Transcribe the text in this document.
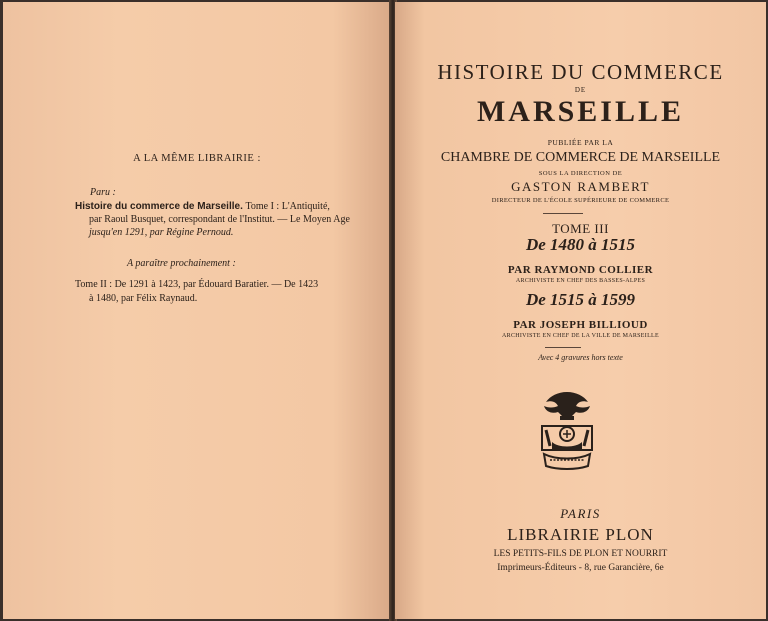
A LA MÊME LIBRAIRIE :
Paru :
Histoire du commerce de Marseille. Tome I : L'Antiquité,
par Raoul Busquet, correspondant de l'Institut. — Le Moyen Age
jusqu'en 1291, par Régine Pernoud.
A paraître prochainement :
Tome II : De 1291 à 1423, par Édouard Baratier. — De 1423
à 1480, par Félix Raynaud.
HISTOIRE DU COMMERCE
DE
MARSEILLE
PUBLIÉE PAR LA
CHAMBRE DE COMMERCE DE MARSEILLE
SOUS LA DIRECTION DE
GASTON RAMBERT
DIRECTEUR DE L'ÉCOLE SUPÉRIEURE DE COMMERCE
TOME III
De 1480 à 1515
PAR RAYMOND COLLIER
ARCHIVISTE EN CHEF DES BASSES-ALPES
De 1515 à 1599
PAR JOSEPH BILLIOUD
ARCHIVISTE EN CHEF DE LA VILLE DE MARSEILLE
Avec 4 gravures hors texte
PARIS
LIBRAIRIE PLON
LES PETITS-FILS DE PLON ET NOURRIT
Imprimeurs-Éditeurs - 8, rue Garancière, 6e
